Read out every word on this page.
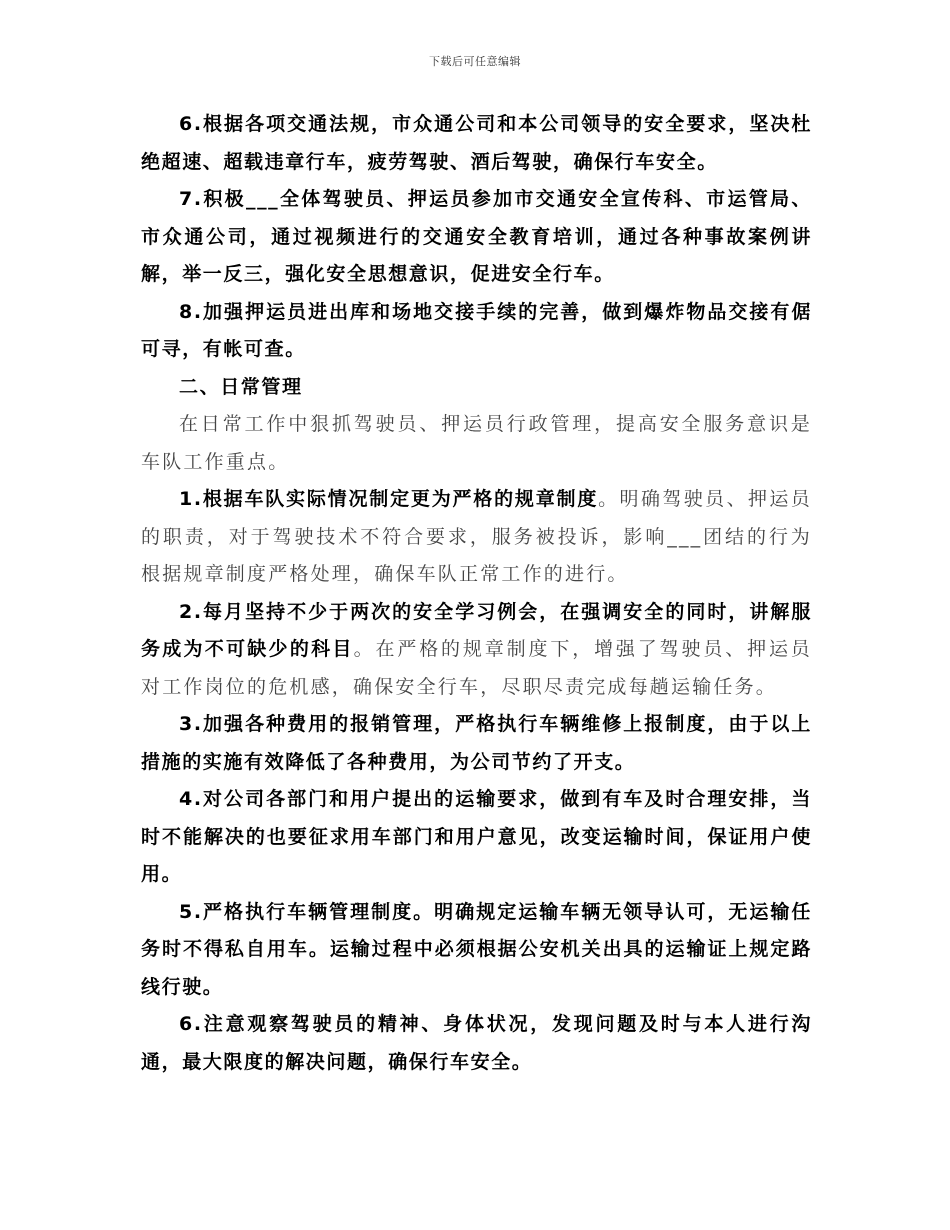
下载后可任意编辑

6.根据各项交通法规，市众通公司和本公司领导的安全要求，坚决杜绝超速、超载违章行车，疲劳驾驶、酒后驾驶，确保行车安全。

7.积极___全体驾驶员、押运员参加市交通安全宣传科、市运管局、市众通公司，通过视频进行的交通安全教育培训，通过各种事故案例讲解，举一反三，强化安全思想意识，促进安全行车。

8.加强押运员进出库和场地交接手续的完善，做到爆炸物品交接有倨可寻，有帐可查。

二、日常管理

在日常工作中狠抓驾驶员、押运员行政管理，提高安全服务意识是车队工作重点。

1.根据车队实际情况制定更为严格的规章制度。明确驾驶员、押运员的职责，对于驾驶技术不符合要求，服务被投诉，影响___团结的行为根据规章制度严格处理，确保车队正常工作的进行。

2.每月坚持不少于两次的安全学习例会，在强调安全的同时，讲解服务成为不可缺少的科目。在严格的规章制度下，增强了驾驶员、押运员对工作岗位的危机感，确保安全行车，尽职尽责完成每趟运输任务。

3.加强各种费用的报销管理，严格执行车辆维修上报制度，由于以上措施的实施有效降低了各种费用，为公司节约了开支。

4.对公司各部门和用户提出的运输要求，做到有车及时合理安排，当时不能解决的也要征求用车部门和用户意见，改变运输时间，保证用户使用。

5.严格执行车辆管理制度。明确规定运输车辆无领导认可，无运输任务时不得私自用车。运输过程中必须根据公安机关出具的运输证上规定路线行驶。

6.注意观察驾驶员的精神、身体状况，发现问题及时与本人进行沟通，最大限度的解决问题，确保行车安全。
